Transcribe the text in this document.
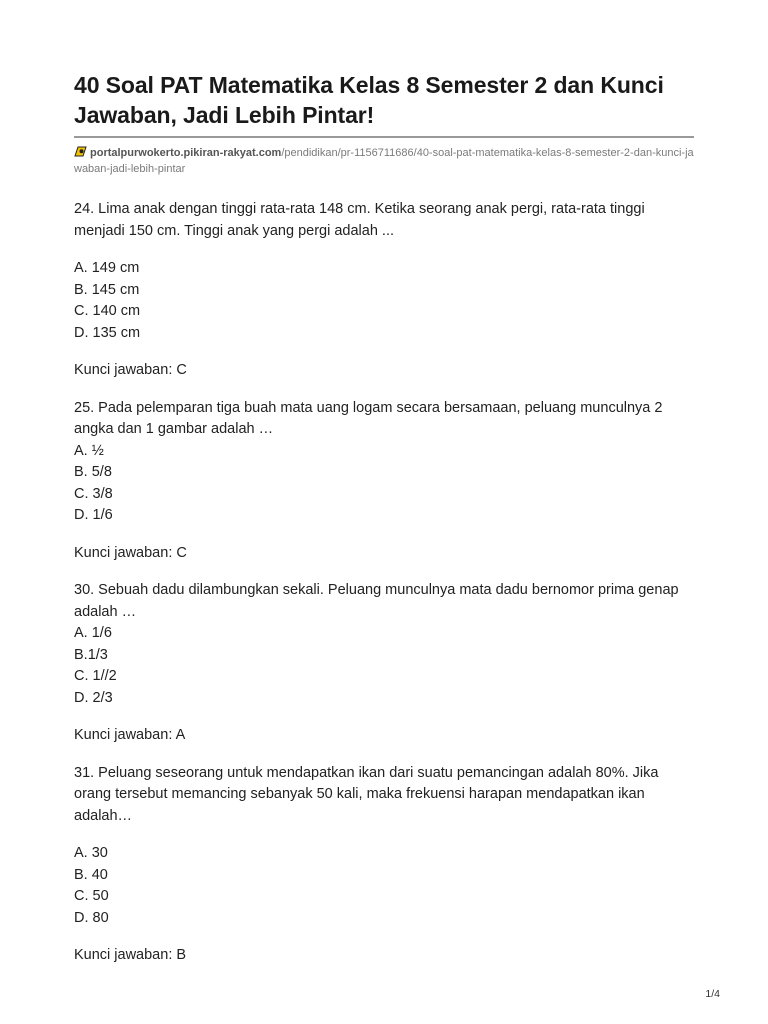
40 Soal PAT Matematika Kelas 8 Semester 2 dan Kunci Jawaban, Jadi Lebih Pintar!
portalpurwokerto.pikiran-rakyat.com/pendidikan/pr-1156711686/40-soal-pat-matematika-kelas-8-semester-2-dan-kunci-jawaban-jadi-lebih-pintar

24. Lima anak dengan tinggi rata-rata 148 cm. Ketika seorang anak pergi, rata-rata tinggi menjadi 150 cm. Tinggi anak yang pergi adalah ...

A. 149 cm
B. 145 cm
C. 140 cm
D. 135 cm

Kunci jawaban: C

25. Pada pelemparan tiga buah mata uang logam secara bersamaan, peluang munculnya 2 angka dan 1 gambar adalah …

A. ½
B. 5/8
C. 3/8
D. 1/6

Kunci jawaban: C

30. Sebuah dadu dilambungkan sekali. Peluang munculnya mata dadu bernomor prima genap adalah …

A. 1/6
B.1/3
C. 1//2
D. 2/3

Kunci jawaban: A

31. Peluang seseorang untuk mendapatkan ikan dari suatu pemancingan adalah 80%. Jika orang tersebut memancing sebanyak 50 kali, maka frekuensi harapan mendapatkan ikan adalah…

A. 30
B. 40
C. 50
D. 80

Kunci jawaban: B

1/4
